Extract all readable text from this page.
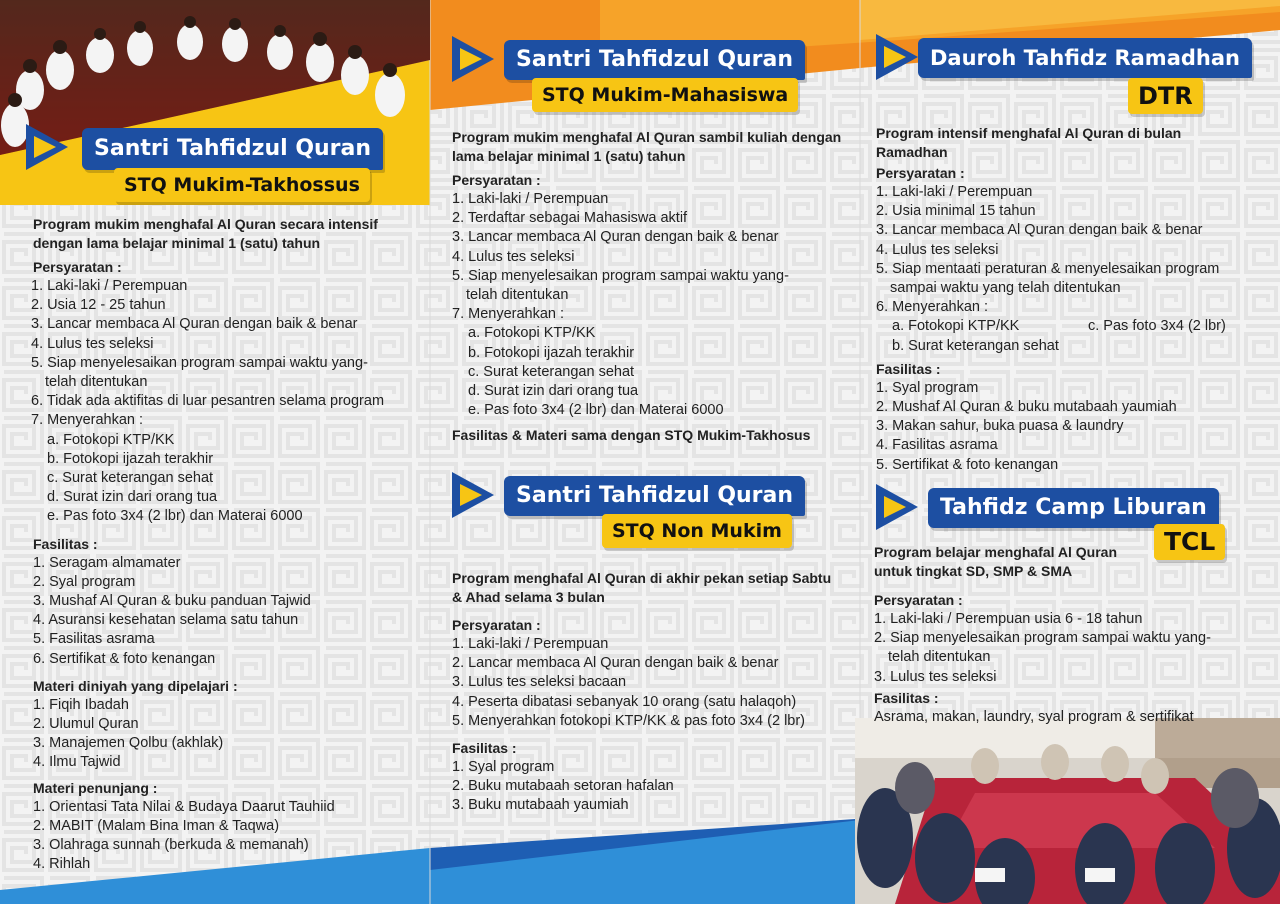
Santri Tahfidzul Quran
STQ Mukim-Takhossus
Program mukim menghafal Al Quran secara intensif dengan lama belajar minimal 1 (satu) tahun
Persyaratan :
1. Laki-laki / Perempuan
2. Usia 12 - 25 tahun
3. Lancar membaca Al Quran dengan baik & benar
4. Lulus tes seleksi
5. Siap menyelesaikan program sampai waktu yang-
telah ditentukan
6. Tidak ada aktifitas di luar pesantren selama program
7. Menyerahkan :
a. Fotokopi KTP/KK
b. Fotokopi ijazah terakhir
c. Surat keterangan sehat
d. Surat izin dari orang tua
e. Pas foto 3x4 (2 lbr) dan Materai 6000
Fasilitas :
1. Seragam almamater
2. Syal program
3. Mushaf Al Quran & buku panduan Tajwid
4. Asuransi kesehatan selama satu tahun
5. Fasilitas asrama
6. Sertifikat & foto kenangan
Materi diniyah yang dipelajari :
1. Fiqih Ibadah
2. Ulumul Quran
3. Manajemen Qolbu (akhlak)
4. Ilmu Tajwid
Materi penunjang :
1. Orientasi Tata Nilai & Budaya Daarut Tauhiid
2. MABIT (Malam Bina Iman & Taqwa)
3. Olahraga sunnah (berkuda & memanah)
4. Rihlah
Santri Tahfidzul Quran
STQ Mukim-Mahasiswa
Program mukim menghafal Al Quran sambil kuliah dengan lama belajar minimal 1 (satu) tahun
Persyaratan :
1. Laki-laki / Perempuan
2. Terdaftar sebagai Mahasiswa aktif
3. Lancar membaca Al Quran dengan baik & benar
4. Lulus tes seleksi
5. Siap menyelesaikan program sampai waktu yang-
telah ditentukan
7. Menyerahkan :
a. Fotokopi KTP/KK
b. Fotokopi ijazah terakhir
c. Surat keterangan sehat
d. Surat izin dari orang tua
e. Pas foto 3x4 (2 lbr) dan Materai 6000
Fasilitas & Materi sama dengan STQ Mukim-Takhosus
Santri Tahfidzul Quran
STQ Non Mukim
Program menghafal Al Quran di akhir pekan setiap Sabtu & Ahad selama 3 bulan
Persyaratan :
1. Laki-laki / Perempuan
2. Lancar membaca Al Quran dengan baik & benar
3. Lulus tes seleksi bacaan
4. Peserta dibatasi sebanyak 10 orang (satu halaqoh)
5. Menyerahkan fotokopi KTP/KK & pas foto 3x4 (2 lbr)
Fasilitas :
1. Syal program
2. Buku mutabaah setoran hafalan
3. Buku mutabaah yaumiah
Dauroh Tahfidz Ramadhan
DTR
Program intensif menghafal Al Quran di bulan Ramadhan
Persyaratan :
1. Laki-laki / Perempuan
2. Usia minimal 15 tahun
3. Lancar membaca Al Quran dengan baik & benar
4. Lulus tes seleksi
5. Siap mentaati peraturan & menyelesaikan program
sampai waktu yang telah ditentukan
6. Menyerahkan :
a. Fotokopi KTP/KK	c. Pas foto 3x4 (2 lbr)
b. Surat keterangan sehat
Fasilitas :
1. Syal program
2. Mushaf Al Quran & buku mutabaah yaumiah
3. Makan sahur, buka puasa & laundry
4. Fasilitas asrama
5. Sertifikat & foto kenangan
Tahfidz Camp Liburan
TCL
Program belajar menghafal Al Quran untuk tingkat SD, SMP & SMA
Persyaratan :
1. Laki-laki / Perempuan usia 6 - 18 tahun
2. Siap menyelesaikan program sampai waktu yang-
telah ditentukan
3. Lulus tes seleksi
Fasilitas :
Asrama, makan, laundry, syal program & sertifikat
